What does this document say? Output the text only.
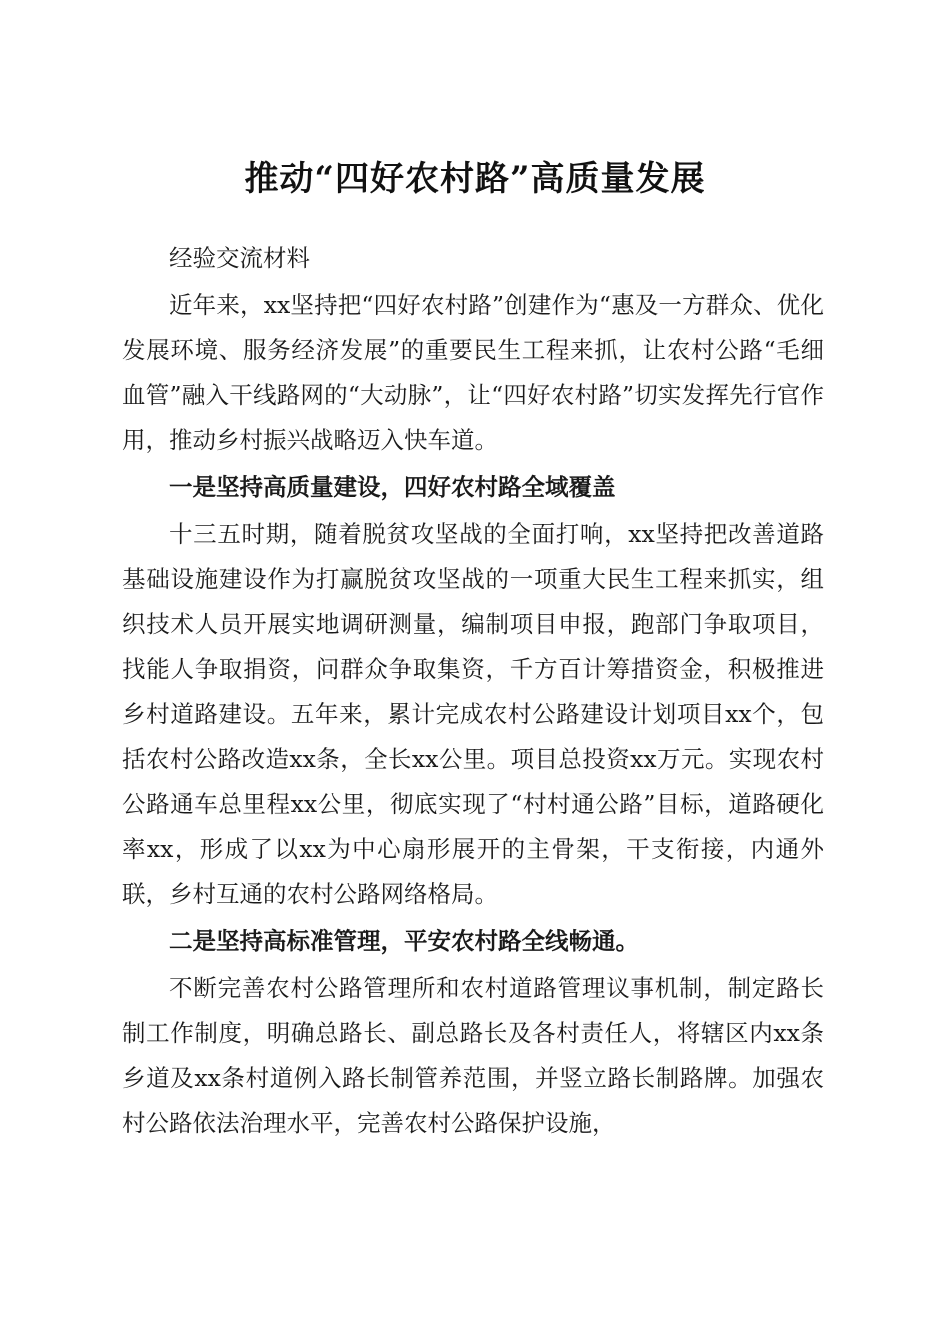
推动“四好农村路”高质量发展

经验交流材料

近年来，xx坚持把“四好农村路”创建作为“惠及一方群众、优化发展环境、服务经济发展”的重要民生工程来抓，让农村公路“毛细血管”融入干线路网的“大动脉”，让“四好农村路”切实发挥先行官作用，推动乡村振兴战略迈入快车道。

一是坚持高质量建设，四好农村路全域覆盖

十三五时期，随着脱贫攻坚战的全面打响，xx坚持把改善道路基础设施建设作为打赢脱贫攻坚战的一项重大民生工程来抓实，组织技术人员开展实地调研测量，编制项目申报，跑部门争取项目，找能人争取捐资，问群众争取集资，千方百计筹措资金，积极推进乡村道路建设。五年来，累计完成农村公路建设计划项目xx个，包括农村公路改造xx条，全长xx公里。项目总投资xx万元。实现农村公路通车总里程xx公里，彻底实现了“村村通公路”目标，道路硬化率xx，形成了以xx为中心扇形展开的主骨架，干支衔接，内通外联，乡村互通的农村公路网络格局。

二是坚持高标准管理，平安农村路全线畅通。

不断完善农村公路管理所和农村道路管理议事机制，制定路长制工作制度，明确总路长、副总路长及各村责任人，将辖区内xx条乡道及xx条村道例入路长制管养范围，并竖立路长制路牌。加强农村公路依法治理水平，完善农村公路保护设施，
